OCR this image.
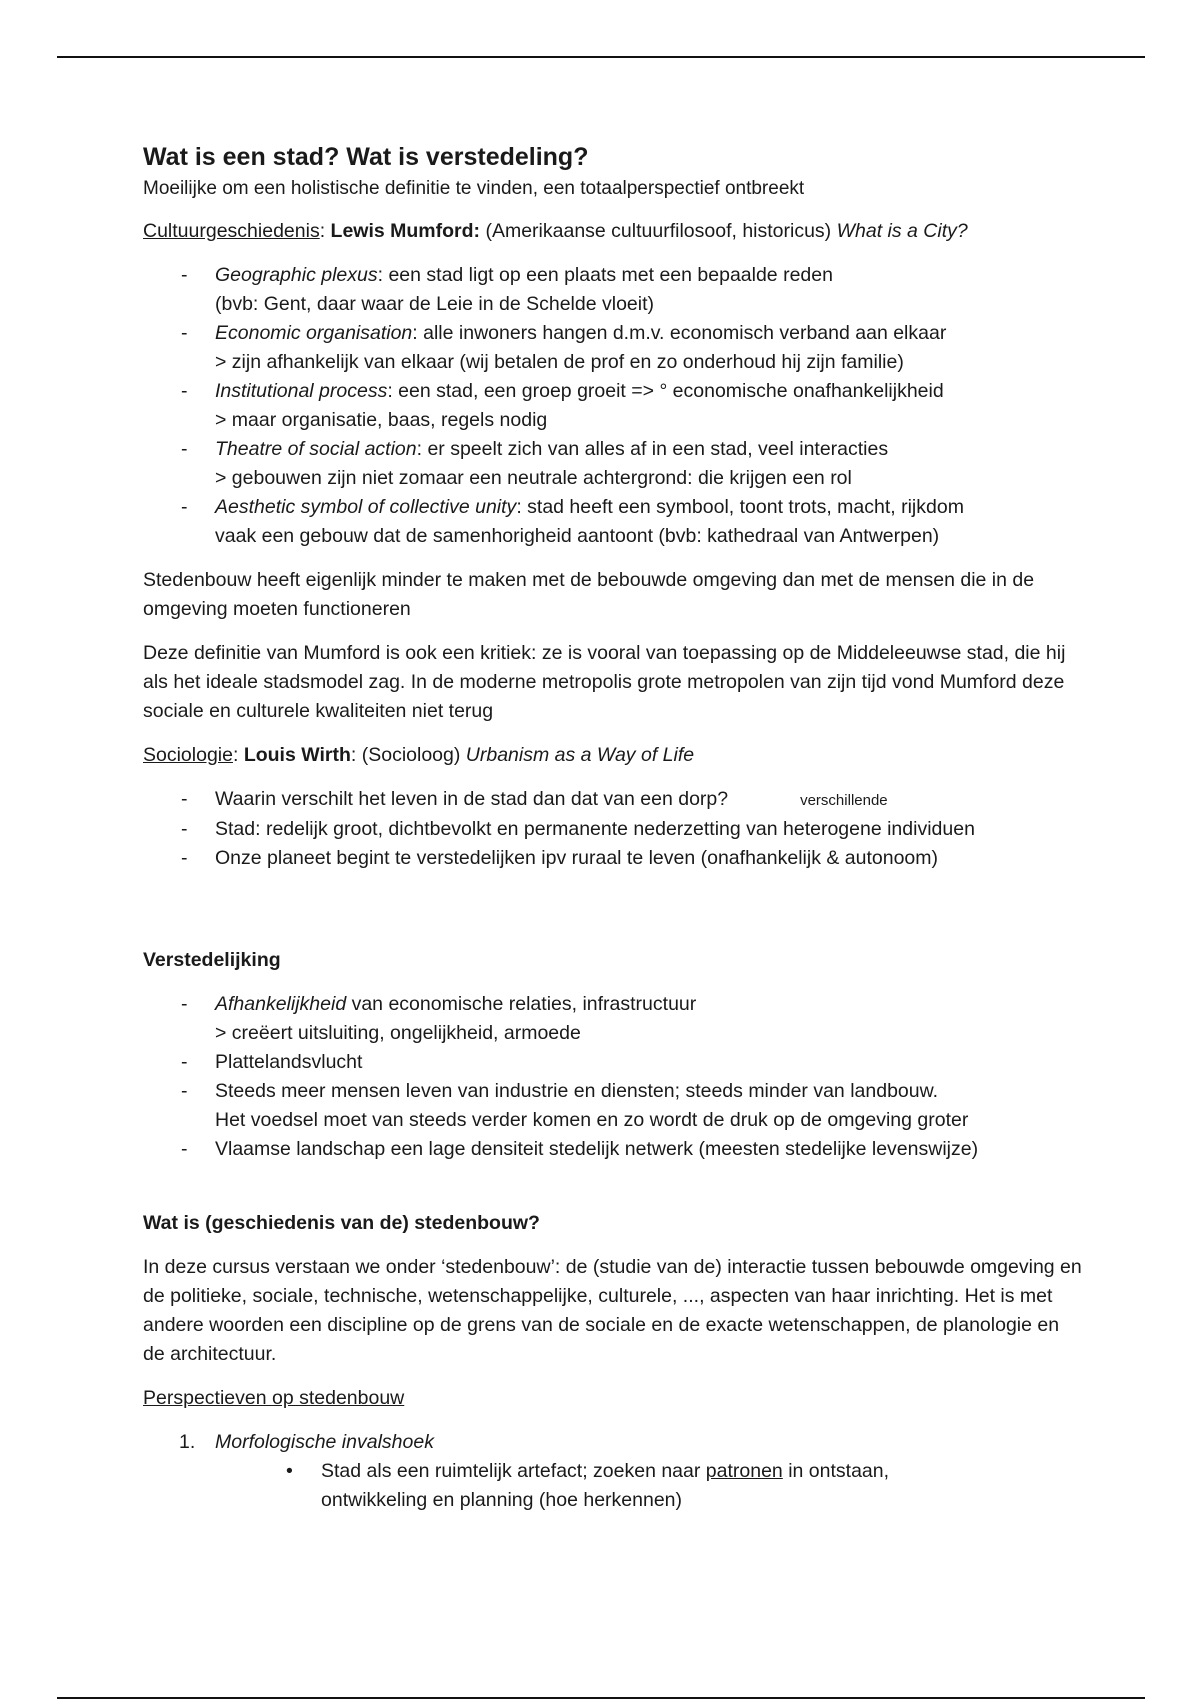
Wat is een stad? Wat is verstedeling?
Moeilijke om een holistische definitie te vinden, een totaalperspectief ontbreekt

Cultuurgeschiedenis: Lewis Mumford: (Amerikaanse cultuurfilosoof, historicus) What is a City?

- Geographic plexus: een stad ligt op een plaats met een bepaalde reden
(bvb: Gent, daar waar de Leie in de Schelde vloeit)
- Economic organisation: alle inwoners hangen d.m.v. economisch verband aan elkaar
> zijn afhankelijk van elkaar (wij betalen de prof en zo onderhoud hij zijn familie)
- Institutional process: een stad, een groep groeit => ° economische onafhankelijkheid
> maar organisatie, baas, regels nodig
- Theatre of social action: er speelt zich van alles af in een stad, veel interacties
> gebouwen zijn niet zomaar een neutrale achtergrond: die krijgen een rol
- Aesthetic symbol of collective unity: stad heeft een symbool, toont trots, macht, rijkdom
vaak een gebouw dat de samenhorigheid aantoont (bvb: kathedraal van Antwerpen)

Stedenbouw heeft eigenlijk minder te maken met de bebouwde omgeving dan met de mensen die in de omgeving moeten functioneren

Deze definitie van Mumford is ook een kritiek: ze is vooral van toepassing op de Middeleeuwse stad, die hij als het ideale stadsmodel zag. In de moderne metropolis grote metropolen van zijn tijd vond Mumford deze sociale en culturele kwaliteiten niet terug

Sociologie: Louis Wirth: (Socioloog) Urbanism as a Way of Life

- Waarin verschilt het leven in de stad dan dat van een dorp?	verschillende
- Stad: redelijk groot, dichtbevolkt en permanente nederzetting van heterogene individuen
- Onze planeet begint te verstedelijken ipv ruraal te leven (onafhankelijk & autonoom)
Verstedelijking
- Afhankelijkheid van economische relaties, infrastructuur
> creëert uitsluiting, ongelijkheid, armoede
- Plattelandsvlucht
- Steeds meer mensen leven van industrie en diensten; steeds minder van landbouw.
Het voedsel moet van steeds verder komen en zo wordt de druk op de omgeving groter
- Vlaamse landschap een lage densiteit stedelijk netwerk (meesten stedelijke levenswijze)
Wat is (geschiedenis van de) stedenbouw?

In deze cursus verstaan we onder ‘stedenbouw’: de (studie van de) interactie tussen bebouwde omgeving en de politieke, sociale, technische, wetenschappelijke, culturele, ..., aspecten van haar inrichting. Het is met andere woorden een discipline op de grens van de sociale en de exacte wetenschappen, de planologie en de architectuur.

Perspectieven op stedenbouw

1. Morfologische invalshoek
• Stad als een ruimtelijk artefact; zoeken naar patronen in ontstaan,
ontwikkeling en planning (hoe herkennen)
